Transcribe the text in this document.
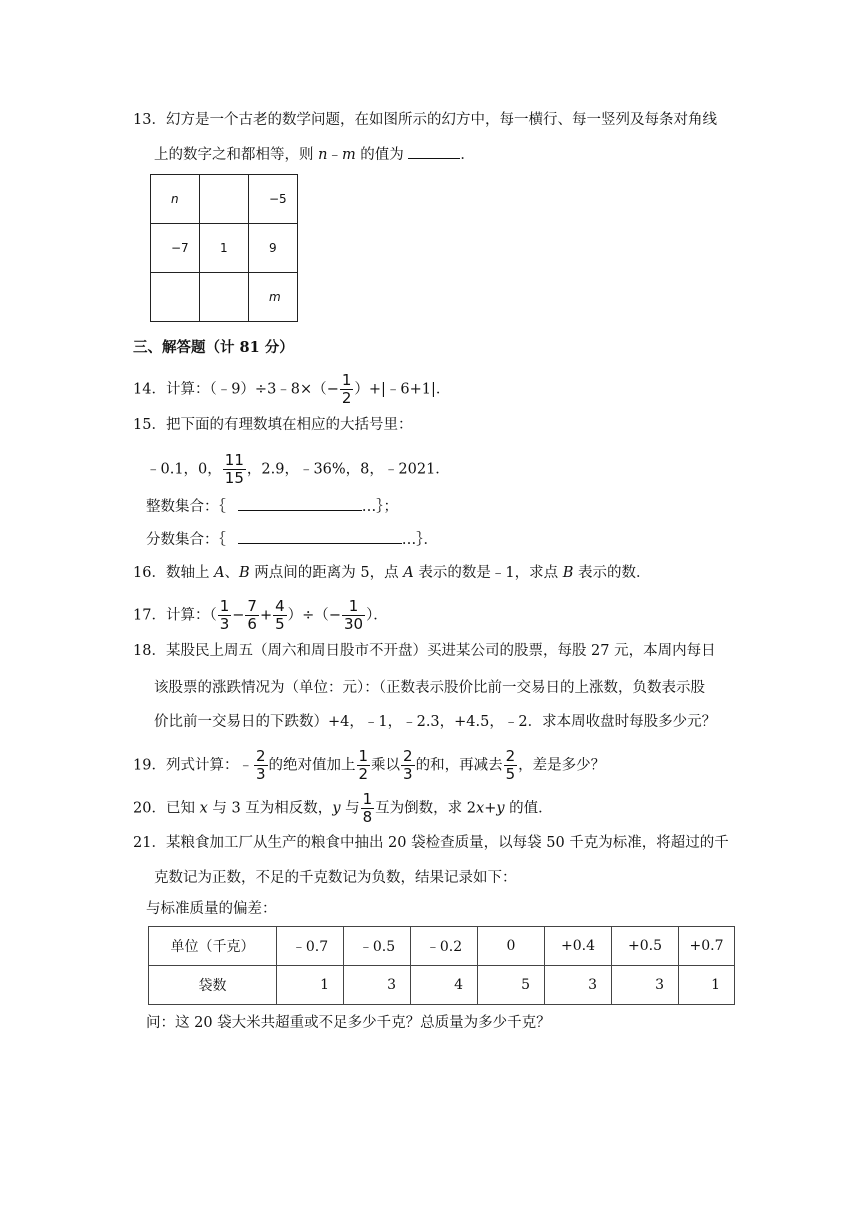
13．幻方是一个古老的数学问题，在如图所示的幻方中，每一横行、每一竖列及每条对角线
上的数字之和都相等，则 n﹣m 的值为	．
n		−5
−7	1	9
		m
三、解答题（计 81 分）
14．计算：（﹣9）÷3﹣8×（− $\frac{1}{2}$ ）+|﹣6+1|．
15．把下面的有理数填在相应的大括号里：
﹣0.1，0， $\frac{11}{15}$ ，2.9，﹣36%，8，﹣2021．
整数集合：｛	…｝；
分数集合：｛	…｝．
16．数轴上 A、B 两点间的距离为 5，点 A 表示的数是﹣1，求点 B 表示的数．
17．计算：（ $\frac{1}{3} - \frac{7}{6} + \frac{4}{5}$ ）÷（− $\frac{1}{30}$ ）．
18．某股民上周五（周六和周日股市不开盘）买进某公司的股票，每股 27 元，本周内每日
该股票的涨跌情况为（单位：元）：（正数表示股价比前一交易日的上涨数，负数表示股
价比前一交易日的下跌数）+4，﹣1，﹣2.3，+4.5，﹣2．求本周收盘时每股多少元？
19．列式计算：﹣ $\frac{2}{3}$ 的绝对值加上 $\frac{1}{2}$ 乘以 $\frac{2}{3}$ 的和，再减去 $\frac{2}{5}$ ，差是多少？
20．已知 x 与 3 互为相反数，y 与 $\frac{1}{8}$ 互为倒数，求 2x+y 的值．
21．某粮食加工厂从生产的粮食中抽出 20 袋检查质量，以每袋 50 千克为标准，将超过的千
克数记为正数，不足的千克数记为负数，结果记录如下：
与标准质量的偏差：
单位（千克）	﹣0.7	﹣0.5	﹣0.2	0	+0.4	+0.5	+0.7
袋数	1	3	4	5	3	3	1
问：这 20 袋大米共超重或不足多少千克？总质量为多少千克？
